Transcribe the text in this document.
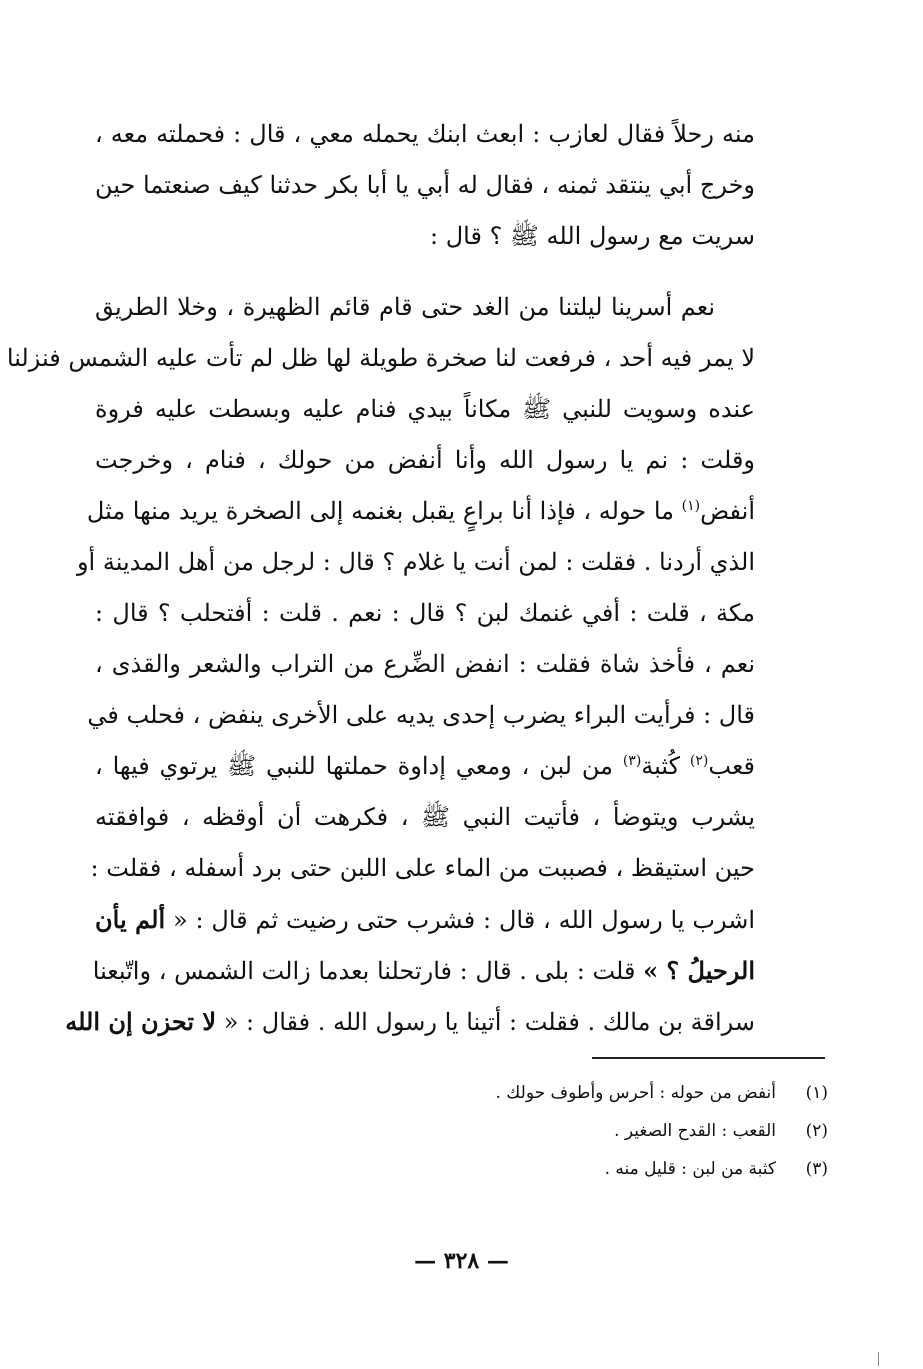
منه رحلاً فقال لعازب : ابعث ابنك يحمله معي ، قال : فحملته معه ،
وخرج أبي ينتقد ثمنه ، فقال له أبي يا أبا بكر حدثنا كيف صنعتما حين
سريت مع رسول الله ﷺ ؟ قال :
نعم أسرينا ليلتنا من الغد حتى قام قائم الظهيرة ، وخلا الطريق
لا يمر فيه أحد ، فرفعت لنا صخرة طويلة لها ظل لم تأت عليه الشمس فنزلنا
عنده وسويت للنبي ﷺ مكاناً بيدي فنام عليه وبسطت عليه فروة
وقلت : نم يا رسول الله وأنا أنفض من حولك ، فنام ، وخرجت
أنفض$^{(١)}$ ما حوله ، فإذا أنا براعٍ يقبل بغنمه إلى الصخرة يريد منها مثل
الذي أردنا . فقلت : لمن أنت يا غلام ؟ قال : لرجل من أهل المدينة أو
مكة ، قلت : أفي غنمك لبن ؟ قال : نعم . قلت : أفتحلب ؟ قال :
نعم ، فأخذ شاة فقلت : انفض الضِّرع من التراب والشعر والقذى ،
قال : فرأيت البراء يضرب إحدى يديه على الأخرى ينفض ، فحلب في
قعب$^{(٢)}$ كُثبة$^{(٣)}$ من لبن ، ومعي إداوة حملتها للنبي ﷺ يرتوي فيها ،
يشرب ويتوضأ ، فأتيت النبي ﷺ ، فكرهت أن أوقظه ، فوافقته
حين استيقظ ، فصببت من الماء على اللبن حتى برد أسفله ، فقلت :
اشرب يا رسول الله ، قال : فشرب حتى رضيت ثم قال : « ألم يأن
الرحيلُ ؟ » قلت : بلى . قال : فارتحلنا بعدما زالت الشمس ، واتّبعنا
سراقة بن مالك . فقلت : أتينا يا رسول الله . فقال : « لا تحزن إن الله
(١)أنفض من حوله : أحرس وأطوف حولك .
(٢)القعب : القدح الصغير .
(٣)كثبة من لبن : قليل منه .
— ٣٢٨ —
